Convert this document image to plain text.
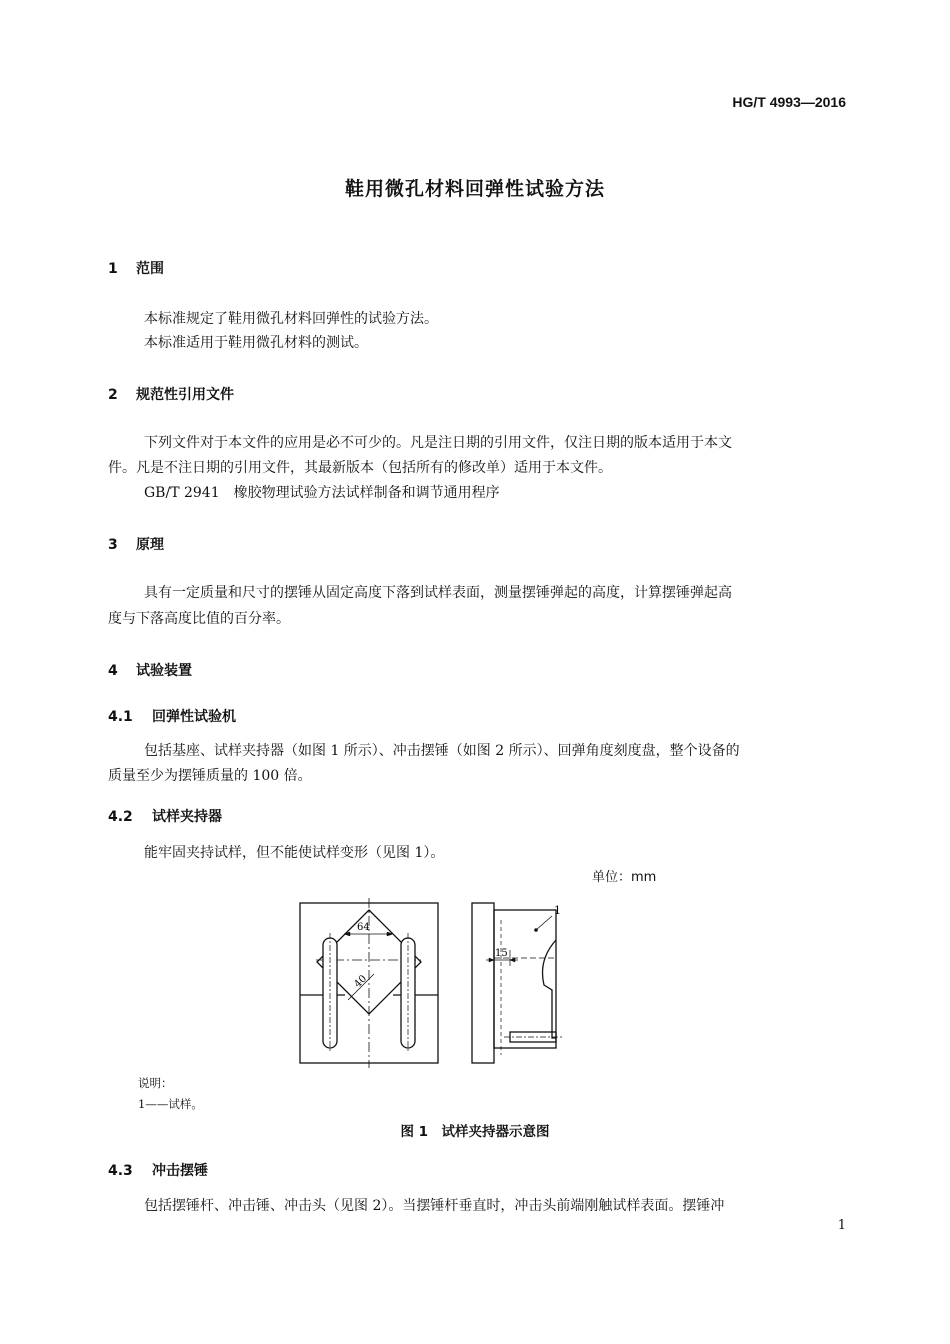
HG/T 4993—2016
鞋用微孔材料回弹性试验方法
1 范围
本标准规定了鞋用微孔材料回弹性的试验方法。
本标准适用于鞋用微孔材料的测试。
2 规范性引用文件
下列文件对于本文件的应用是必不可少的。凡是注日期的引用文件，仅注日期的版本适用于本文
件。凡是不注日期的引用文件，其最新版本（包括所有的修改单）适用于本文件。
GB/T 2941 橡胶物理试验方法试样制备和调节通用程序
3 原理
具有一定质量和尺寸的摆锤从固定高度下落到试样表面，测量摆锤弹起的高度，计算摆锤弹起高
度与下落高度比值的百分率。
4 试验装置
4.1 回弹性试验机
包括基座、试样夹持器（如图 1 所示）、冲击摆锤（如图 2 所示）、回弹角度刻度盘，整个设备的
质量至少为摆锤质量的 100 倍。
4.2 试样夹持器
能牢固夹持试样，但不能使试样变形（见图 1）。
单位：mm
64
40
15
1
说明：
1——试样。
图 1　试样夹持器示意图
4.3 冲击摆锤
包括摆锤杆、冲击锤、冲击头（见图 2）。当摆锤杆垂直时，冲击头前端刚触试样表面。摆锤冲
1
